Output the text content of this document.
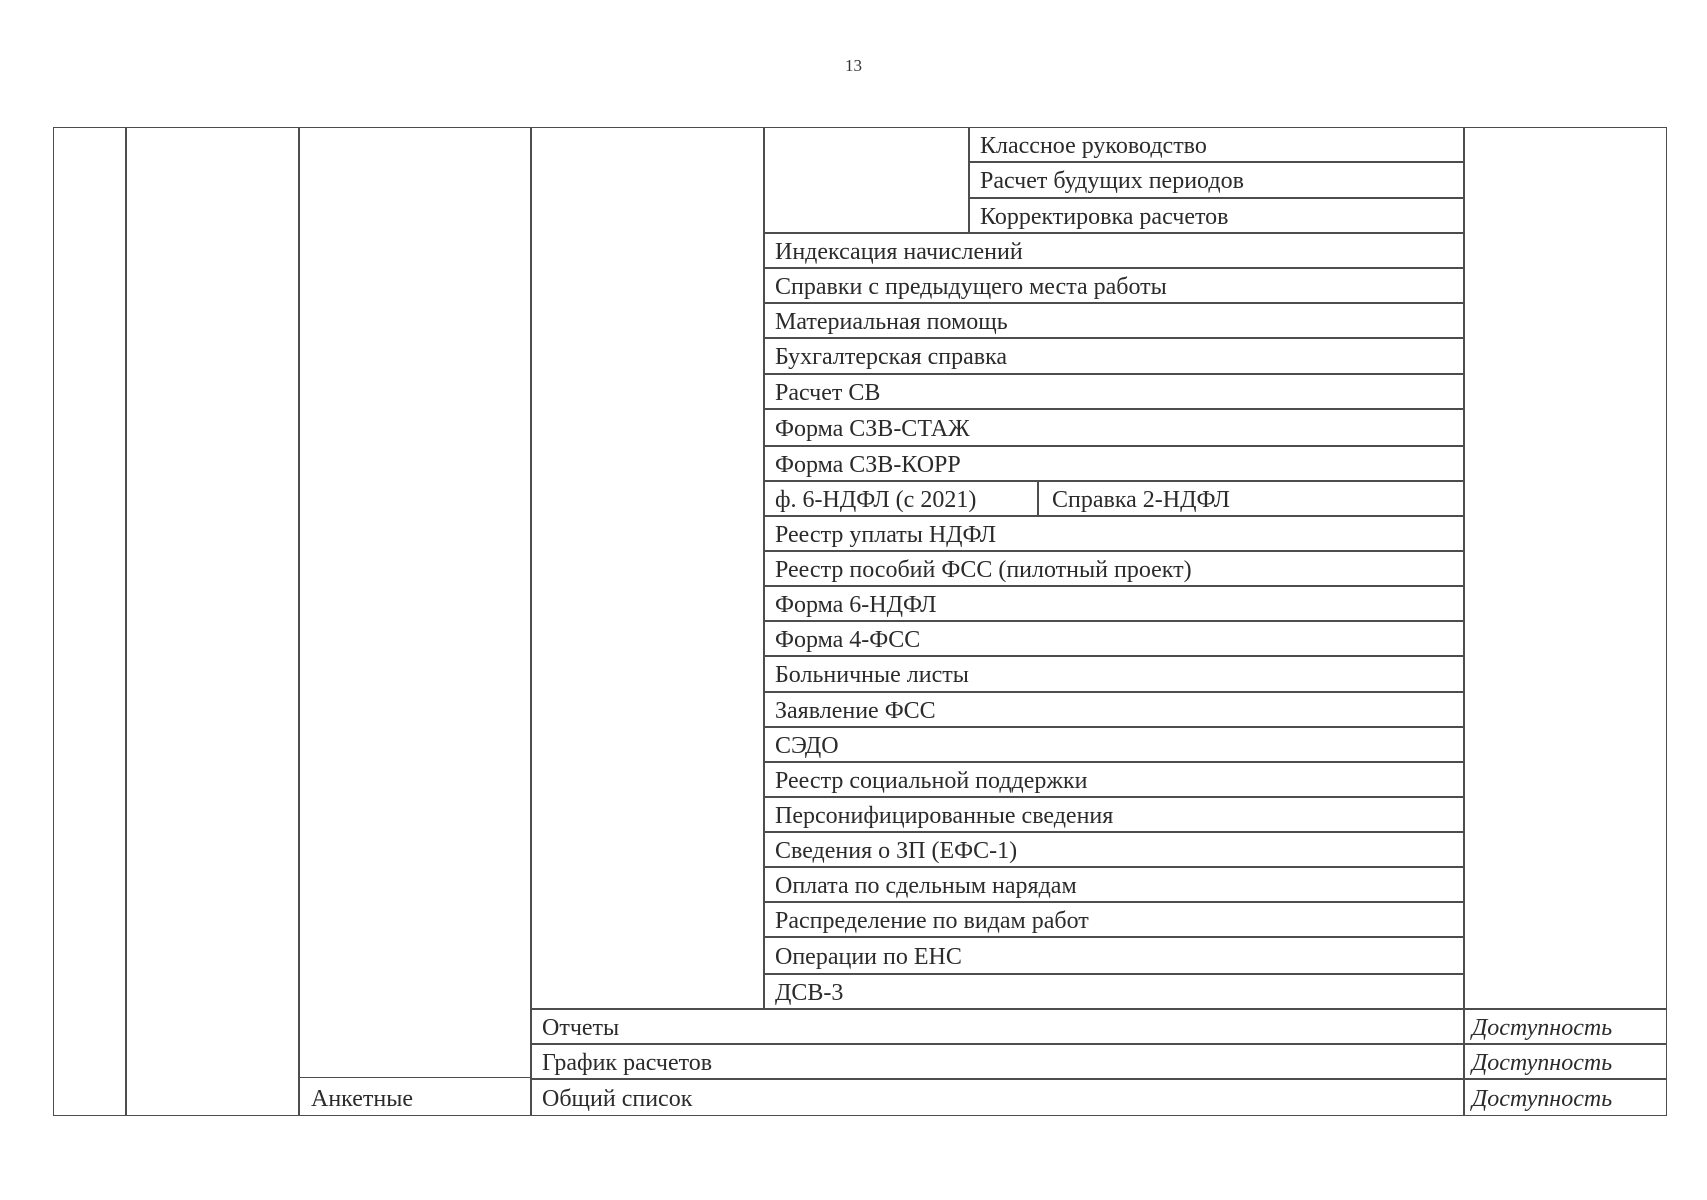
13
Классное руководство
Расчет будущих периодов
Корректировка расчетов
Индексация начислений
Справки с предыдущего места работы
Материальная помощь
Бухгалтерская справка
Расчет СВ
Форма СЗВ-СТАЖ
Форма СЗВ-КОРР
ф. 6-НДФЛ (с 2021)	Справка 2-НДФЛ
Реестр уплаты НДФЛ
Реестр пособий ФСС (пилотный проект)
Форма 6-НДФЛ
Форма 4-ФСС
Больничные листы
Заявление ФСС
СЭДО
Реестр социальной поддержки
Персонифицированные сведения
Сведения о ЗП (ЕФС-1)
Оплата по сдельным нарядам
Распределение по видам работ
Операции по ЕНС
ДСВ-3
Отчеты	Доступность
График расчетов	Доступность
Анкетные	Общий список	Доступность
